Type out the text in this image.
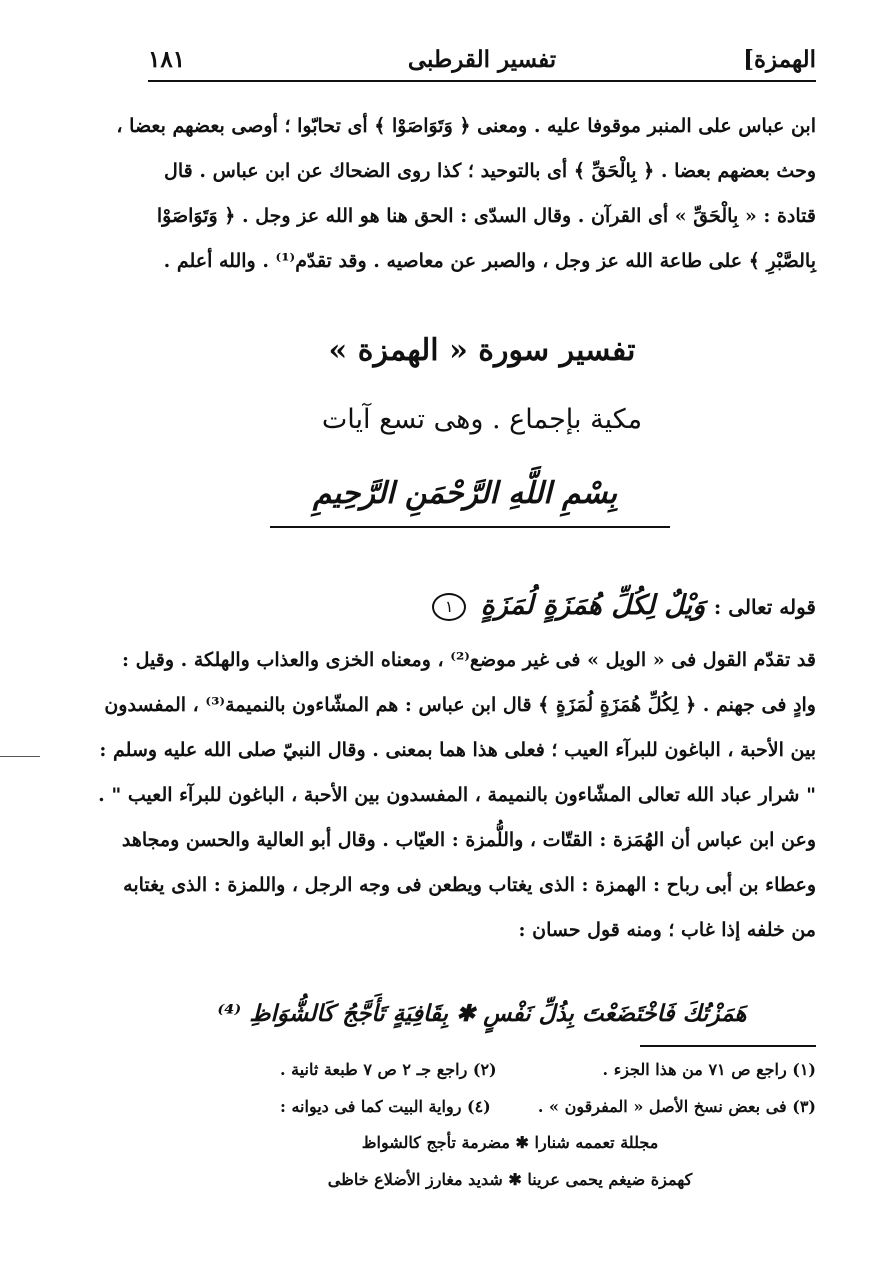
الهمزة]
تفسير القرطبى
١٨١
ابن عباس على المنبر موقوفا عليه . ومعنى ﴿ وَتَوَاصَوْا ﴾ أى تحابّوا ؛ أوصى بعضهم بعضا ،
وحث بعضهم بعضا . ﴿ بِالْحَقِّ ﴾ أى بالتوحيد ؛ كذا روى الضحاك عن ابن عباس . قال
قتادة : « بِالْحَقِّ » أى القرآن . وقال السدّى : الحق هنا هو الله عز وجل . ﴿ وَتَوَاصَوْا
بِالصَّبْرِ ﴾ على طاعة الله عز وجل ، والصبر عن معاصيه . وقد تقدّم⁽¹⁾ . والله أعلم .
تفسير سورة « الهمزة »
مكية بإجماع . وهى تسع آيات
بِسْمِ اللَّهِ الرَّحْمَنِ الرَّحِيمِ
قوله تعالى : وَيْلٌ لِكُلِّ هُمَزَةٍ لُمَزَةٍ ١
قد تقدّم القول فى « الويل » فى غير موضع⁽²⁾ ، ومعناه الخزى والعذاب والهلكة . وقيل :
وادٍ فى جهنم . ﴿ لِكُلِّ هُمَزَةٍ لُمَزَةٍ ﴾ قال ابن عباس : هم المشّاءون بالنميمة⁽³⁾ ، المفسدون
بين الأحبة ، الباغون للبرآء العيب ؛ فعلى هذا هما بمعنى . وقال النبيّ صلى الله عليه وسلم :
" شرار عباد الله تعالى المشّاءون بالنميمة ، المفسدون بين الأحبة ، الباغون للبرآء العيب " .
وعن ابن عباس أن الهُمَزة : القتّات ، واللُّمزة : العيّاب . وقال أبو العالية والحسن ومجاهد
وعطاء بن أبى رباح : الهمزة : الذى يغتاب ويطعن فى وجه الرجل ، واللمزة : الذى يغتابه
من خلفه إذا غاب ؛ ومنه قول حسان :
هَمَزْتُكَ فَاخْتَضَعْتَ بِذُلِّ نَفْسٍ ✱ بِقَافِيَةٍ تَأَجَّجُ كَالشُّوَاظِ ⁽⁴⁾
(١) راجع ص ٧١ من هذا الجزء .
(٢) راجع جـ ٢ ص ٧ طبعة ثانية .
(٣) فى بعض نسخ الأصل « المفرقون » .
(٤) رواية البيت كما فى ديوانه :
مجللة تعممه شنارا ✱ مضرمة تأجج كالشواظ
كهمزة ضيغم يحمى عرينا ✱ شديد مغارز الأضلاع خاظى
